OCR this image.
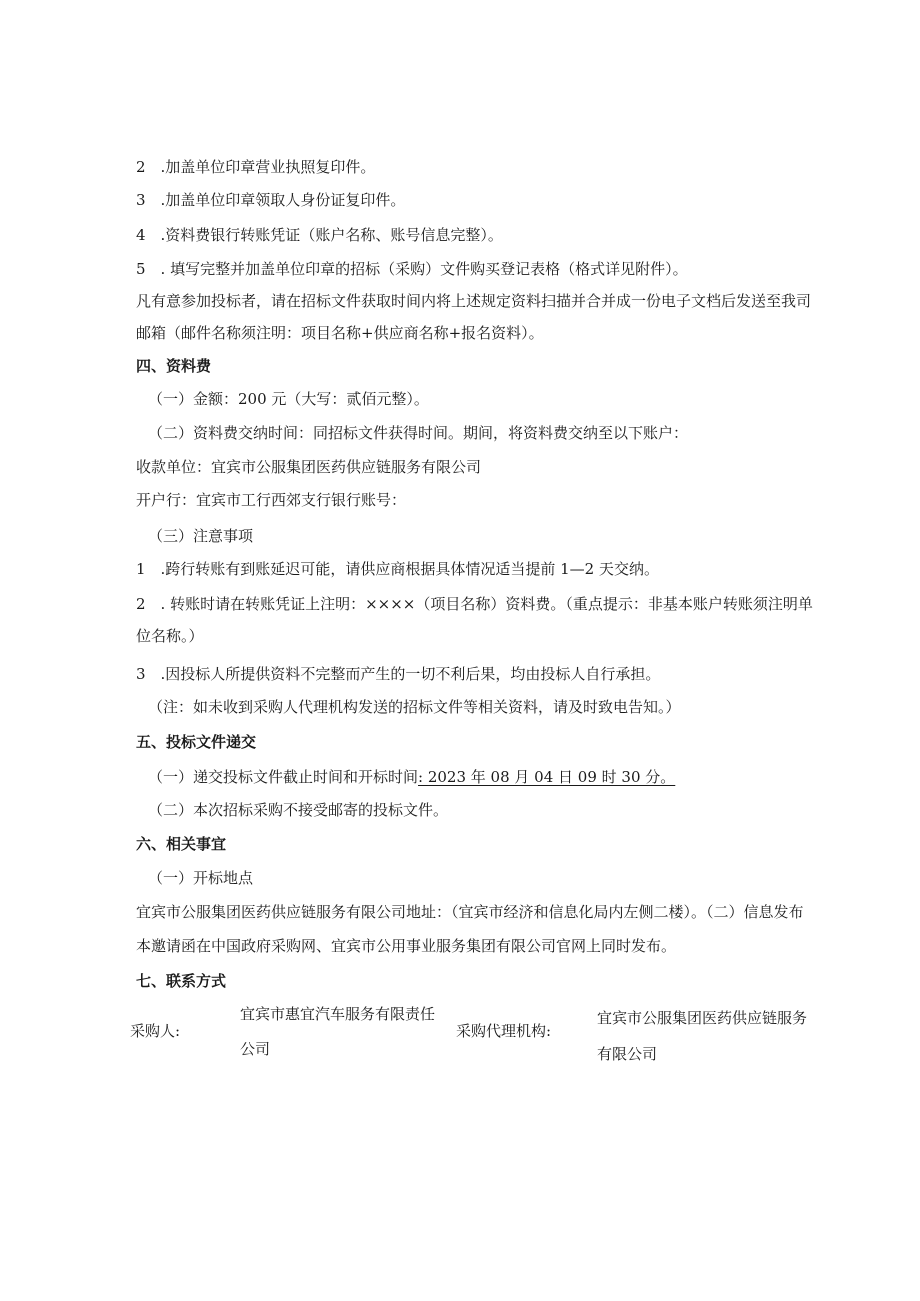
2　.加盖单位印章营业执照复印件。
3　.加盖单位印章领取人身份证复印件。
4　.资料费银行转账凭证（账户名称、账号信息完整）。
5　. 填写完整并加盖单位印章的招标（采购）文件购买登记表格（格式详见附件）。
凡有意参加投标者，请在招标文件获取时间内将上述规定资料扫描并合并成一份电子文档后发送至我司
邮箱（邮件名称须注明：项目名称+供应商名称+报名资料）。
四、资料费
（一）金额：200 元（大写：贰佰元整）。
（二）资料费交纳时间：同招标文件获得时间。期间，将资料费交纳至以下账户：
收款单位：宜宾市公服集团医药供应链服务有限公司
开户行：宜宾市工行西郊支行银行账号：
（三）注意事项
1　.跨行转账有到账延迟可能，请供应商根据具体情况适当提前 1—2 天交纳。
2　. 转账时请在转账凭证上注明：××××（项目名称）资料费。（重点提示：非基本账户转账须注明单
位名称。）
3　.因投标人所提供资料不完整而产生的一切不利后果，均由投标人自行承担。
（注：如未收到采购人代理机构发送的招标文件等相关资料，请及时致电告知。）
五、投标文件递交
（一）递交投标文件截止时间和开标时间: 2023 年 08 月 04 日 09 时 30 分。
（二）本次招标采购不接受邮寄的投标文件。
六、相关事宜
（一）开标地点
宜宾市公服集团医药供应链服务有限公司地址：（宜宾市经济和信息化局内左侧二楼）。（二）信息发布
本邀请函在中国政府采购网、宜宾市公用事业服务集团有限公司官网上同时发布。
七、联系方式
采购人:
宜宾市惠宜汽车服务有限责任
公司
采购代理机构:
宜宾市公服集团医药供应链服务
有限公司
